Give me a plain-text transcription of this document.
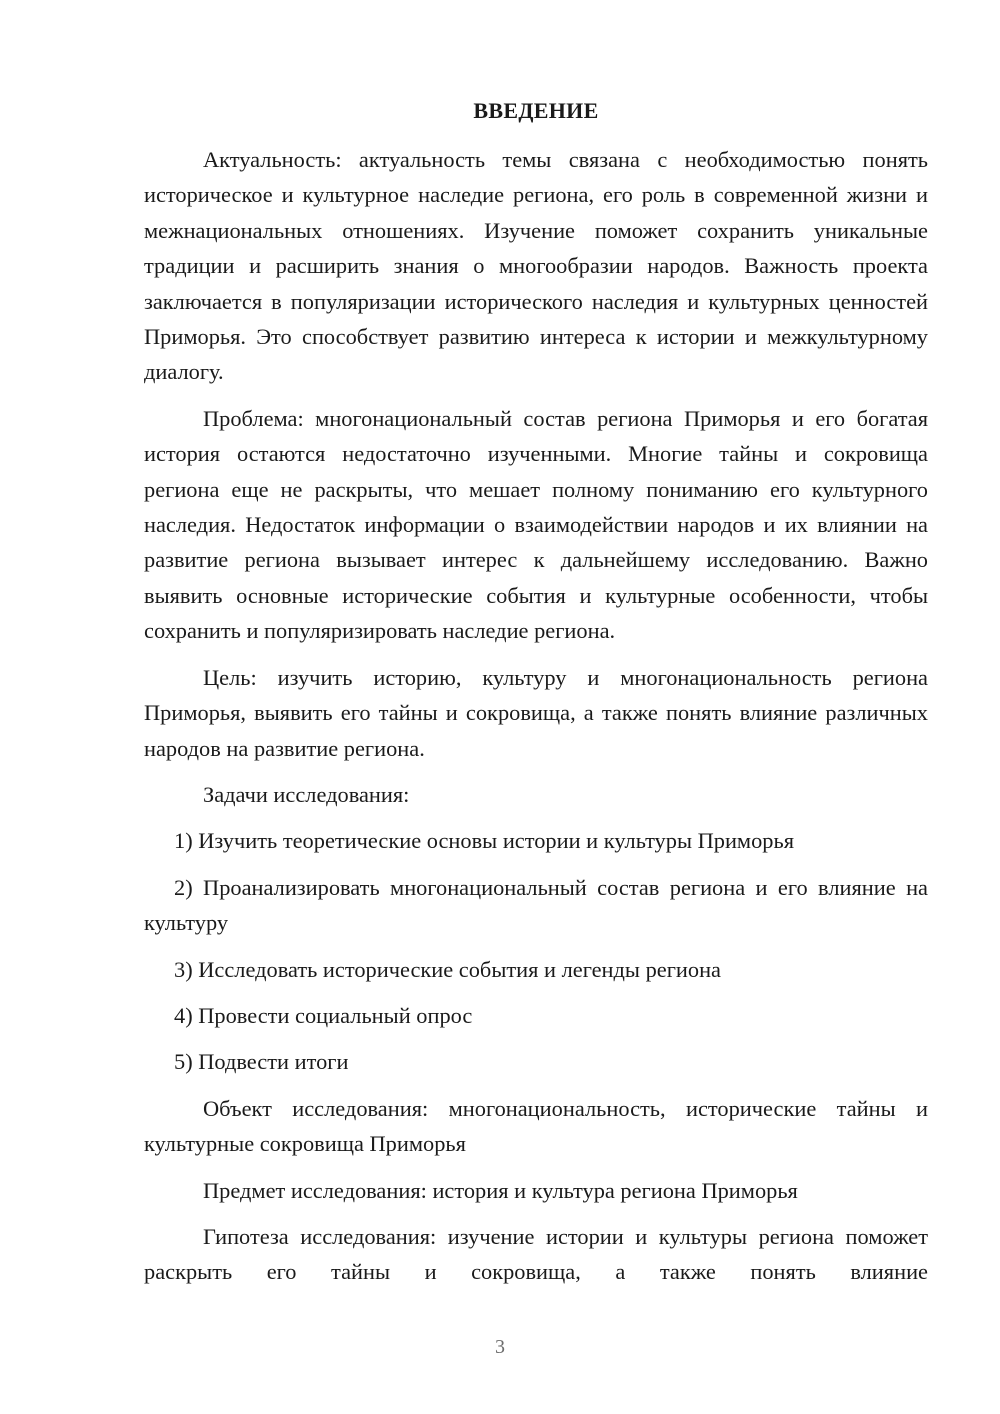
ВВЕДЕНИЕ

Актуальность: актуальность темы связана с необходимостью понять историческое и культурное наследие региона, его роль в современной жизни и межнациональных отношениях. Изучение поможет сохранить уникальные традиции и расширить знания о многообразии народов. Важность проекта заключается в популяризации исторического наследия и культурных ценностей Приморья. Это способствует развитию интереса к истории и межкультурному диалогу.

Проблема: многонациональный состав региона Приморья и его богатая история остаются недостаточно изученными. Многие тайны и сокровища региона еще не раскрыты, что мешает полному пониманию его культурного наследия. Недостаток информации о взаимодействии народов и их влиянии на развитие региона вызывает интерес к дальнейшему исследованию. Важно выявить основные исторические события и культурные особенности, чтобы сохранить и популяризировать наследие региона.

Цель: изучить историю, культуру и многонациональность региона Приморья, выявить его тайны и сокровища, а также понять влияние различных народов на развитие региона.

Задачи исследования:

1) Изучить теоретические основы истории и культуры Приморья

2) Проанализировать многонациональный состав региона и его влияние на культуру

3) Исследовать исторические события и легенды региона

4) Провести социальный опрос

5) Подвести итоги

Объект исследования: многонациональность, исторические тайны и культурные сокровища Приморья

Предмет исследования: история и культура региона Приморья

Гипотеза исследования: изучение истории и культуры региона поможет раскрыть его тайны и сокровища, а также понять влияние

3
